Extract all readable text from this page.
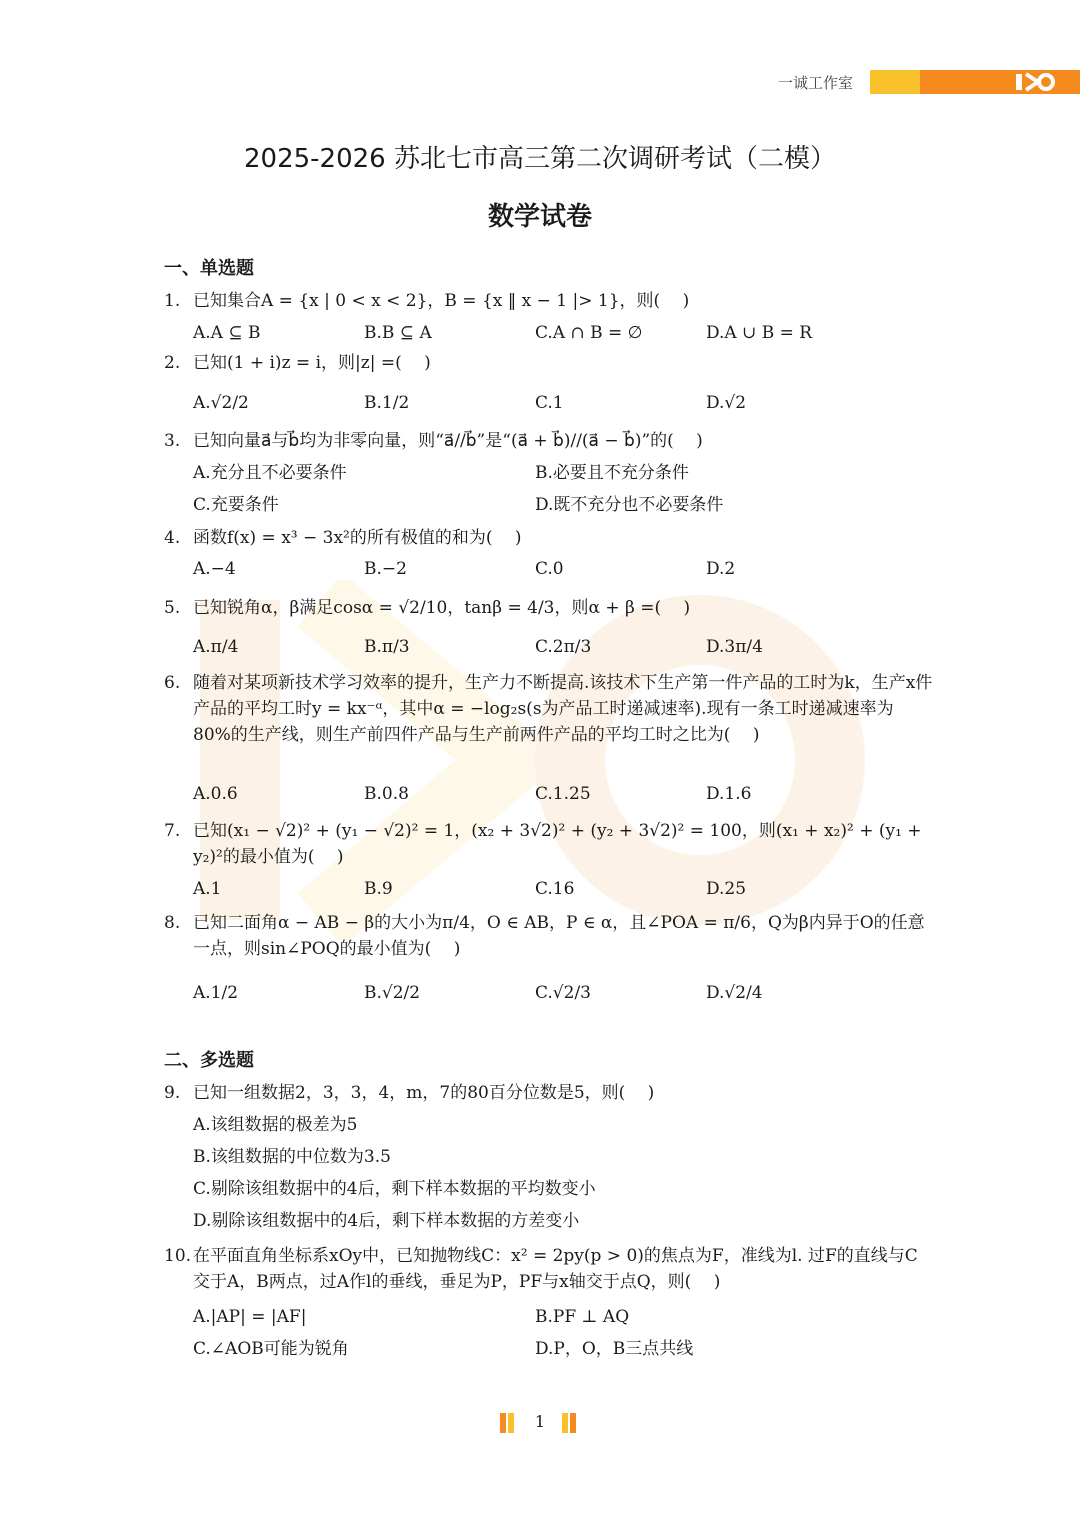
一诚工作室
2025-2026 苏北七市高三第二次调研考试（二模）
数学试卷
一、单选题
1. 已知集合A = {x | 0 < x < 2}，B = {x ‖ x − 1 |> 1}，则(　 )
A.A ⊆ B	B.B ⊆ A	C.A ∩ B = ∅	D.A ∪ B = R
2. 已知(1 + i)z = i，则|z| =(　 )
A.√2/2	B.1/2	C.1	D.√2
3. 已知向量a⃗与b⃗均为非零向量，则“a⃗//b⃗”是“(a⃗ + b⃗)//(a⃗ − b⃗)”的(　 )
A.充分且不必要条件	B.必要且不充分条件
C.充要条件	D.既不充分也不必要条件
4. 函数f(x) = x³ − 3x²的所有极值的和为(　 )
A.−4	B.−2	C.0	D.2
5. 已知锐角α，β满足cosα = √2/10，tanβ = 4/3，则α + β =(　 )
A.π/4	B.π/3	C.2π/3	D.3π/4
6. 随着对某项新技术学习效率的提升，生产力不断提高.该技术下生产第一件产品的工时为k，生产x件产品的平均工时y = kx⁻ᵅ，其中α = −log₂s(s为产品工时递减速率).现有一条工时递减速率为 80%的生产线，则生产前四件产品与生产前两件产品的平均工时之比为(　 )
A.0.6	B.0.8	C.1.25	D.1.6
7. 已知(x₁ − √2)² + (y₁ − √2)² = 1，(x₂ + 3√2)² + (y₂ + 3√2)² = 100，则(x₁ + x₂)² + (y₁ + y₂)²的最小值为(　 )
A.1	B.9	C.16	D.25
8. 已知二面角α − AB − β的大小为π/4，O ∈ AB，P ∈ α，且∠POA = π/6，Q为β内异于O的任意一点，则sin∠POQ的最小值为(　 )
A.1/2	B.√2/2	C.√2/3	D.√2/4
二、多选题
9. 已知一组数据2，3，3，4，m，7的80百分位数是5，则(　 )
A.该组数据的极差为5
B.该组数据的中位数为3.5
C.剔除该组数据中的4后，剩下样本数据的平均数变小
D.剔除该组数据中的4后，剩下样本数据的方差变小
10. 在平面直角坐标系xOy中，已知抛物线C：x² = 2py(p > 0)的焦点为F，准线为l. 过F的直线与C交于A，B两点，过A作l的垂线，垂足为P，PF与x轴交于点Q，则(　 )
A.|AP| = |AF|	B.PF ⊥ AQ
C.∠AOB可能为锐角	D.P，O，B三点共线
1
